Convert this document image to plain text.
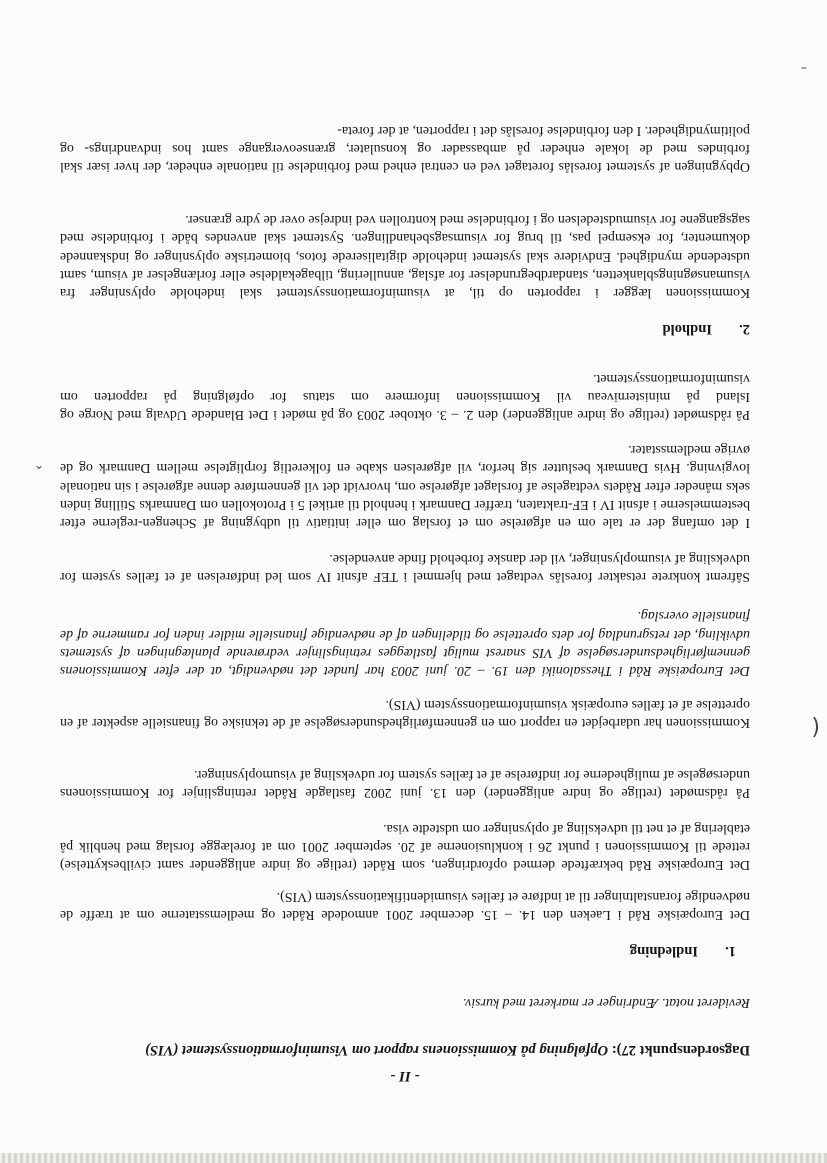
- II -
Dagsordenspunkt 27): Opfølgning på Kommissionens rapport om Visuminformationssystemet (VIS)
Revideret notat. Ændringer er markeret med kursiv.
1.Indledning

Det Europæiske Råd i Laeken den 14. – 15. december 2001 anmodede Rådet og medlemsstaterne om at træffe de nødvendige foranstaltninger til at indføre et fælles visumidentifikationssystem (VIS).

Det Europæiske Råd bekræftede dermed opfordringen, som Rådet (retlige og indre anliggender samt civilbeskyttelse) rettede til Kommissionen i punkt 26 i konklusionerne af 20. september 2001 om at forelægge forslag med henblik på etablering af et net til udveksling af oplysninger om udstedte visa.

På rådsmødet (retlige og indre anliggender) den 13. juni 2002 fastlagde Rådet retningslinjer for Kommissionens undersøgelse af mulighederne for indførelse af et fælles system for udveksling af visumoplysninger.

Kommissionen har udarbejdet en rapport om en gennemførlighedsundersøgelse af de tekniske og finansielle aspekter af en oprettelse af et fælles europæisk visuminformationssystem (VIS).

Det Europæiske Råd i Thessaloniki den 19. – 20. juni 2003 har fundet det nødvendigt, at der efter Kommissionens gennemførlighedsundersøgelse af VIS snarest muligt fastlægges retningslinjer vedrørende planlægningen af systemets udvikling, det retsgrundlag for dets oprettelse og tildelingen af de nødvendige finansielle midler inden for rammerne af de finansielle overslag.

Såfremt konkrete retsakter foreslås vedtaget med hjemmel i TEF afsnit IV som led indførelsen af et fælles system for udveksling af visumoplysninger, vil der danske forbehold finde anvendelse.

I det omfang der er tale om en afgørelse om et forslag om eller initiativ til udbygning af Schengen-reglerne efter bestemmelserne i afsnit IV i EF-traktaten, træffer Danmark i henhold til artikel 5 i Protokollen om Danmarks Stilling inden seks måneder efter Rådets vedtagelse af forslaget afgørelse om, hvorvidt det vil gennemføre denne afgørelse i sin nationale lovgivning. Hvis Danmark beslutter sig herfor, vil afgørelsen skabe en folkeretlig forpligtelse mellem Danmark og de øvrige medlemsstater.

På rådsmødet (retlige og indre anliggender) den 2. – 3. oktober 2003 og på mødet i Det Blandede Udvalg med Norge og Island på ministerniveau vil Kommissionen informere om status for opfølgning på rapporten om visuminformationssystemet.

2.Indhold

Kommissionen lægger i rapporten op til, at visuminformationssystemet skal indeholde oplysninger fra visumansøgningsblanketten, standardbegrundelser for afslag, annullering, tilbagekaldelse eller forlængelser af visum, samt udstedende myndighed. Endvidere skal systemet indeholde digitaliserede fotos, biometriske oplysninger og indskannede dokumenter, for eksempel pas, til brug for visumsagsbehandlingen. Systemet skal anvendes både i forbindelse med sagsgangene for visumudstedelsen og i forbindelse med kontrollen ved indrejse over de ydre grænser.

Opbygningen af systemet foreslås foretaget ved en central enhed med forbindelse til nationale enheder, der hver især skal forbindes med de lokale enheder på ambassader og konsulater, grænseovergange samt hos indvandrings- og politimyndigheder. I den forbindelse foreslås det i rapporten, at der foreta-

(
⌃
⁼
